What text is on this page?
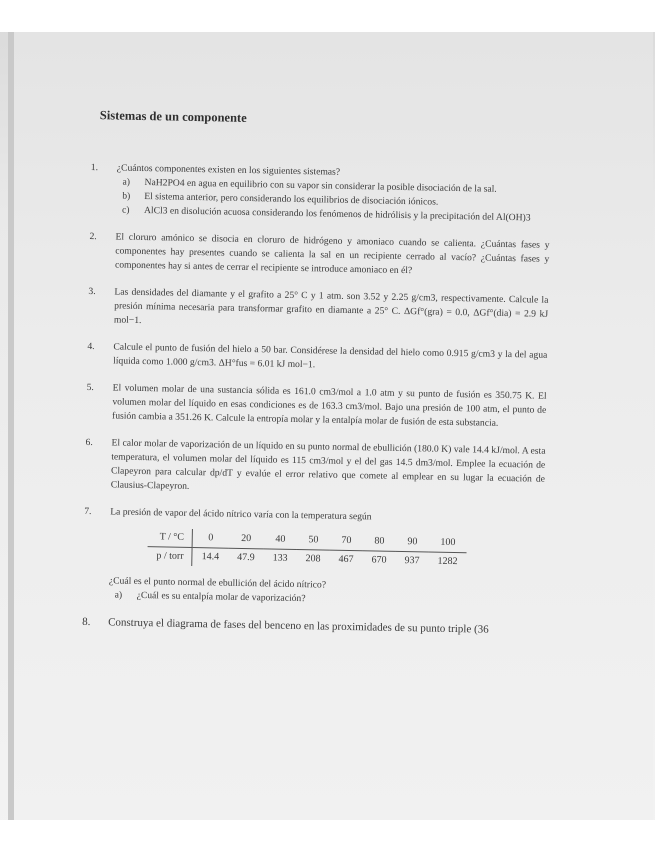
Sistemas de un componente
1. ¿Cuántos componentes existen en los siguientes sistemas?
a) NaH2PO4 en agua en equilibrio con su vapor sin considerar la posible disociación de la sal.
b) El sistema anterior, pero considerando los equilibrios de disociación iónicos.
c) AlCl3 en disolución acuosa considerando los fenómenos de hidrólisis y la precipitación del Al(OH)3
2. El cloruro amónico se disocia en cloruro de hidrógeno y amoniaco cuando se calienta. ¿Cuántas fases y componentes hay presentes cuando se calienta la sal en un recipiente cerrado al vacío? ¿Cuántas fases y componentes hay si antes de cerrar el recipiente se introduce amoniaco en él?
3. Las densidades del diamante y el grafito a 25° C y 1 atm. son 3.52 y 2.25 g/cm3, respectivamente. Calcule la presión mínima necesaria para transformar grafito en diamante a 25° C. ΔGf°(gra) = 0.0, ΔGf°(dia) = 2.9 kJ mol−1.
4. Calcule el punto de fusión del hielo a 50 bar. Considérese la densidad del hielo como 0.915 g/cm3 y la del agua líquida como 1.000 g/cm3. ΔH°fus = 6.01 kJ mol−1.
5. El volumen molar de una sustancia sólida es 161.0 cm3/mol a 1.0 atm y su punto de fusión es 350.75 K. El volumen molar del líquido en esas condiciones es de 163.3 cm3/mol. Bajo una presión de 100 atm, el punto de fusión cambia a 351.26 K. Calcule la entropía molar y la entalpía molar de fusión de esta substancia.
6. El calor molar de vaporización de un líquido en su punto normal de ebullición (180.0 K) vale 14.4 kJ/mol. A esta temperatura, el volumen molar del líquido es 115 cm3/mol y el del gas 14.5 dm3/mol. Emplee la ecuación de Clapeyron para calcular dp/dT y evalúe el error relativo que comete al emplear en su lugar la ecuación de Clausius-Clapeyron.
7. La presión de vapor del ácido nítrico varía con la temperatura según
T / °C	0	20	40	50	70	80	90	100
p / torr	14.4	47.9	133	208	467	670	937	1282
¿Cuál es el punto normal de ebullición del ácido nítrico?
a) ¿Cuál es su entalpía molar de vaporización?
8. Construya el diagrama de fases del benceno en las proximidades de su punto triple (36
